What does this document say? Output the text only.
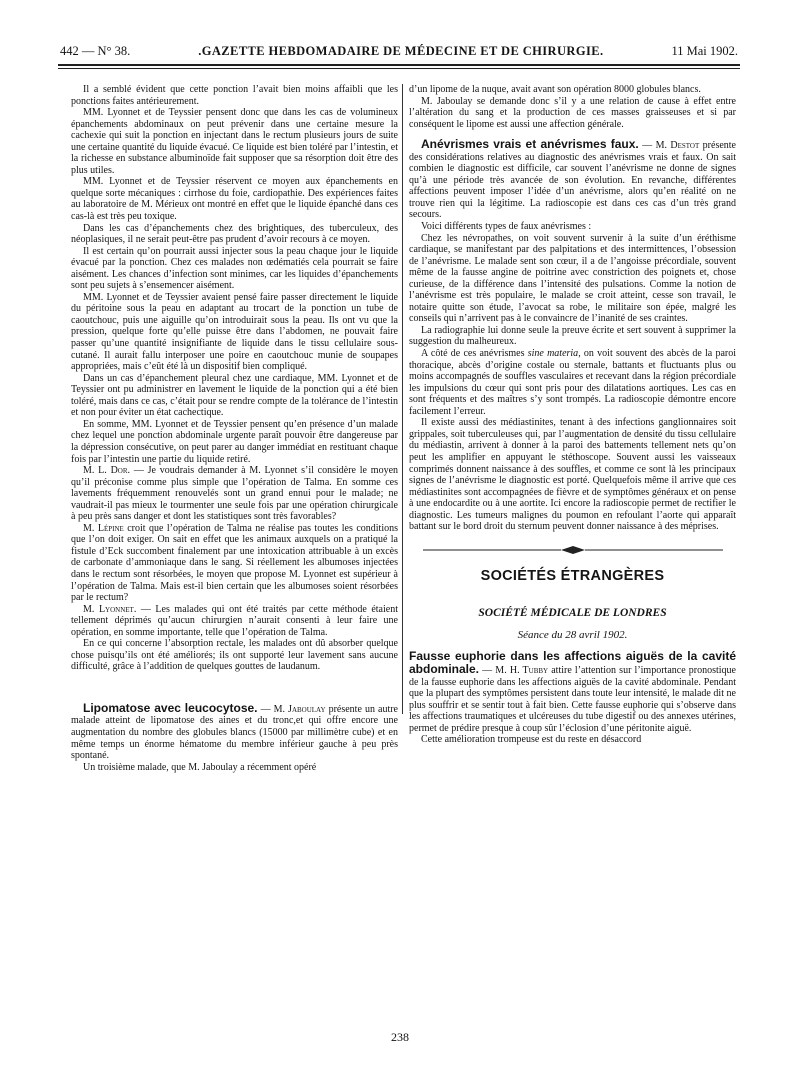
442 — N° 38.	.GAZETTE HEBDOMADAIRE DE MÉDECINE ET DE CHIRURGIE.	11 Mai 1902.

Il a semblé évident que cette ponction l’avait bien moins affaibli que les ponctions faites antérieurement.

MM. Lyonnet et de Teyssier pensent donc que dans les cas de volumineux épanchements abdominaux on peut prévenir dans une certaine mesure la cachexie qui suit la ponction en injectant dans le rectum plusieurs jours de suite une certaine quantité du liquide évacué. Ce liquide est bien toléré par l’intestin, et la richesse en substance albuminoïde fait supposer que sa résorption doit être des plus utiles.

MM. Lyonnet et de Teyssier réservent ce moyen aux épanchements en quelque sorte mécaniques : cirrhose du foie, cardiopathie. Des expériences faites au laboratoire de M. Mérieux ont montré en effet que le liquide épanché dans ces cas-là est très peu toxique.

Dans les cas d’épanchements chez des brightiques, des tuberculeux, des néoplasiques, il ne serait peut-être pas prudent d’avoir recours à ce moyen.

Il est certain qu’on pourrait aussi injecter sous la peau chaque jour le liquide évacué par la ponction. Chez ces malades non œdématiés cela pourrait se faire aisément. Les chances d’infection sont minimes, car les liquides d’épanchements sont peu sujets à s’ensemencer aisément.

MM. Lyonnet et de Teyssier avaient pensé faire passer directement le liquide du péritoine sous la peau en adaptant au trocart de la ponction un tube de caoutchouc, puis une aiguille qu’on introduirait sous la peau. Ils ont vu que la pression, quelque forte qu’elle puisse être dans l’abdomen, ne pouvait faire passer qu’une quantité insignifiante de liquide dans le tissu cellulaire sous-cutané. Il aurait fallu interposer une poire en caoutchouc munie de soupapes appropriées, mais c’eût été là un dispositif bien compliqué.

Dans un cas d’épanchement pleural chez une cardiaque, MM. Lyonnet et de Teyssier ont pu administrer en lavement le liquide de la ponction qui a été bien toléré, mais dans ce cas, c’était pour se rendre compte de la tolérance de l’intestin et non pour éviter un état cachectique.

En somme, MM. Lyonnet et de Teyssier pensent qu’en présence d’un malade chez lequel une ponction abdominale urgente paraît pouvoir être dangereuse par la dépression consécutive, on peut parer au danger immédiat en restituant chaque fois par l’intestin une partie du liquide retiré.

M. L. Dor. — Je voudrais demander à M. Lyonnet s’il considère le moyen qu’il préconise comme plus simple que l’opération de Talma. En somme ces lavements fréquemment renouvelés sont un grand ennui pour le malade; ne vaudrait-il pas mieux le tourmenter une seule fois par une opération chirurgicale à peu près sans danger et dont les statistiques sont très favorables?

M. Lépine croit que l’opération de Talma ne réalise pas toutes les conditions que l’on doit exiger. On sait en effet que les animaux auxquels on a pratiqué la fistule d’Eck succombent finalement par une intoxication attribuable à un excès de carbonate d’ammoniaque dans le sang. Si réellement les albumoses injectées dans le rectum sont résorbées, le moyen que propose M. Lyonnet est supérieur à l’opération de Talma. Mais est-il bien certain que les albumoses soient résorbées par le rectum?

M. Lyonnet. — Les malades qui ont été traités par cette méthode étaient tellement déprimés qu’aucun chirurgien n’aurait consenti à leur faire une opération, en somme importante, telle que l’opération de Talma.

En ce qui concerne l’absorption rectale, les malades ont dû absorber quelque chose puisqu’ils ont été améliorés; ils ont supporté leur lavement sans aucune difficulté, grâce à l’addition de quelques gouttes de laudanum.

Lipomatose avec leucocytose. — M. Jaboulay présente un autre malade atteint de lipomatose des aines et du tronc,et qui offre encore une augmentation du nombre des globules blancs (15000 par millimètre cube) et en même temps un énorme hématome du membre inférieur gauche à peu près spontané.

Un troisième malade, que M. Jaboulay a récemment opéré

d’un lipome de la nuque, avait avant son opération 8000 globules blancs.

M. Jaboulay se demande donc s’il y a une relation de cause à effet entre l’altération du sang et la production de ces masses graisseuses et si par conséquent le lipome est aussi une affection générale.

Anévrismes vrais et anévrismes faux. — M. Destot présente des considérations relatives au diagnostic des anévrismes vrais et faux. On sait combien le diagnostic est difficile, car souvent l’anévrisme ne donne de signes qu’à une période très avancée de son évolution. En revanche, différentes affections peuvent imposer l’idée d’un anévrisme, alors qu’en réalité on ne trouve rien qui la légitime. La radioscopie est dans ces cas d’un très grand secours.

Voici différents types de faux anévrismes :

Chez les névropathes, on voit souvent survenir à la suite d’un éréthisme cardiaque, se manifestant par des palpitations et des intermittences, l’obsession de l’anévrisme. Le malade sent son cœur, il a de l’angoisse précordiale, souvent même de la fausse angine de poitrine avec constriction des poignets et, chose curieuse, de la différence dans l’intensité des pulsations. Comme la notion de l’anévrisme est très populaire, le malade se croit atteint, cesse son travail, le notaire quitte son étude, l’avocat sa robe, le militaire son épée, malgré les conseils qui n’arrivent pas à le convaincre de l’inanité de ses craintes.

La radiographie lui donne seule la preuve écrite et sert souvent à supprimer la suggestion du malheureux.

A côté de ces anévrismes sine materia, on voit souvent des abcès de la paroi thoracique, abcès d’origine costale ou sternale, battants et fluctuants plus ou moins accompagnés de souffles vasculaires et recevant dans la région précordiale les impulsions du cœur qui sont pris pour des dilatations aortiques. Les cas en sont fréquents et des maîtres s’y sont trompés. La radioscopie démontre encore facilement l’erreur.

Il existe aussi des médiastinites, tenant à des infections ganglionnaires soit grippales, soit tuberculeuses qui, par l’augmentation de densité du tissu cellulaire du médiastin, arrivent à donner à la paroi des battements tellement nets qu’on peut les amplifier en appuyant le stéthoscope. Souvent aussi les vaisseaux comprimés donnent naissance à des souffles, et comme ce sont là les principaux signes de l’anévrisme le diagnostic est porté. Quelquefois même il arrive que ces médiastinites sont accompagnées de fièvre et de symptômes généraux et on pense à une endocardite ou à une aortite. Ici encore la radioscopie permet de rectifier le diagnostic. Les tumeurs malignes du poumon en refoulant l’aorte qui apparaît battant sur le bord droit du sternum peuvent donner naissance à des méprises.

SOCIÉTÉS ÉTRANGÈRES
SOCIÉTÉ MÉDICALE DE LONDRES
Séance du 28 avril 1902.

Fausse euphorie dans les affections aiguës de la cavité abdominale. — M. H. Tubby attire l’attention sur l’importance pronostique de la fausse euphorie dans les affections aiguës de la cavité abdominale. Pendant que la plupart des symptômes persistent dans toute leur intensité, le malade dit ne plus souffrir et se sentir tout à fait bien. Cette fausse euphorie qui s’observe dans les affections traumatiques et ulcéreuses du tube digestif ou des annexes utérines, permet de prédire presque à coup sûr l’éclosion d’une péritonite aiguë.

Cette amélioration trompeuse est du reste en désaccord

238
